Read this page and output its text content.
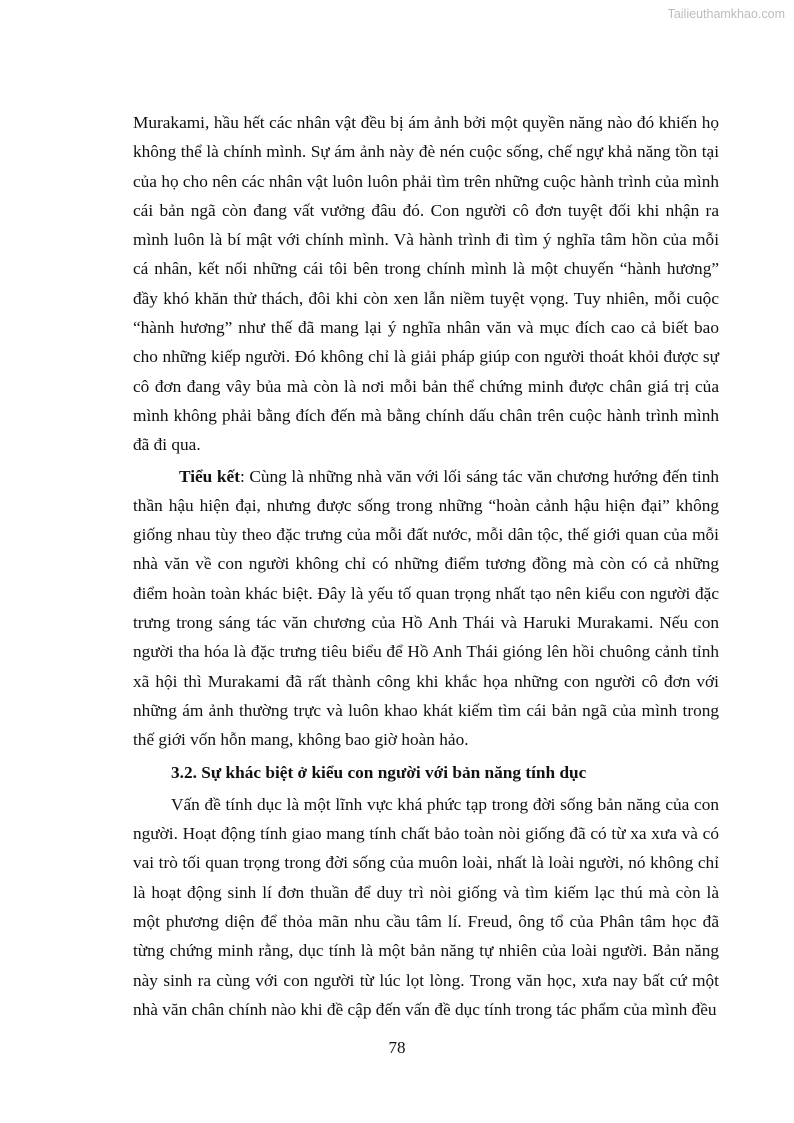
Tailieuthamkhao.com

Murakami, hầu hết các nhân vật đều bị ám ảnh bởi một quyền năng nào đó khiến họ không thể là chính mình. Sự ám ảnh này đè nén cuộc sống, chế ngự khả năng tồn tại của họ cho nên các nhân vật luôn luôn phải tìm trên những cuộc hành trình của mình cái bản ngã còn đang vất vưởng đâu đó. Con người cô đơn tuyệt đối khi nhận ra mình luôn là bí mật với chính mình. Và hành trình đi tìm ý nghĩa tâm hồn của mỗi cá nhân, kết nối những cái tôi bên trong chính mình là một chuyến “hành hương” đầy khó khăn thử thách, đôi khi còn xen lẫn niềm tuyệt vọng. Tuy nhiên, mỗi cuộc “hành hương” như thế đã mang lại ý nghĩa nhân văn và mục đích cao cả biết bao cho những kiếp người. Đó không chỉ là giải pháp giúp con người thoát khỏi được sự cô đơn đang vây bủa mà còn là nơi mỗi bản thể chứng minh được chân giá trị của mình không phải bằng đích đến mà bằng chính dấu chân trên cuộc hành trình mình đã đi qua.

Tiểu kết: Cùng là những nhà văn với lối sáng tác văn chương hướng đến tinh thần hậu hiện đại, nhưng được sống trong những “hoàn cảnh hậu hiện đại” không giống nhau tùy theo đặc trưng của mỗi đất nước, mỗi dân tộc, thế giới quan của mỗi nhà văn về con người không chỉ có những điểm tương đồng mà còn có cả những điểm hoàn toàn khác biệt. Đây là yếu tố quan trọng nhất tạo nên kiểu con người đặc trưng trong sáng tác văn chương của Hồ Anh Thái và Haruki Murakami. Nếu con người tha hóa là đặc trưng tiêu biểu để Hồ Anh Thái gióng lên hồi chuông cảnh tỉnh xã hội thì Murakami đã rất thành công khi khắc họa những con người cô đơn với những ám ảnh thường trực và luôn khao khát kiếm tìm cái bản ngã của mình trong thế giới vốn hỗn mang, không bao giờ hoàn hảo.

3.2. Sự khác biệt ở kiểu con người với bản năng tính dục

Vấn đề tính dục là một lĩnh vực khá phức tạp trong đời sống bản năng của con người. Hoạt động tính giao mang tính chất bảo toàn nòi giống đã có từ xa xưa và có vai trò tối quan trọng trong đời sống của muôn loài, nhất là loài người, nó không chỉ là hoạt động sinh lí đơn thuần để duy trì nòi giống và tìm kiếm lạc thú mà còn là một phương diện để thỏa mãn nhu cầu tâm lí. Freud, ông tổ của Phân tâm học đã từng chứng minh rằng, dục tính là một bản năng tự nhiên của loài người. Bản năng này sinh ra cùng với con người từ lúc lọt lòng. Trong văn học, xưa nay bất cứ một nhà văn chân chính nào khi đề cập đến vấn đề dục tính trong tác phẩm của mình đều

78
